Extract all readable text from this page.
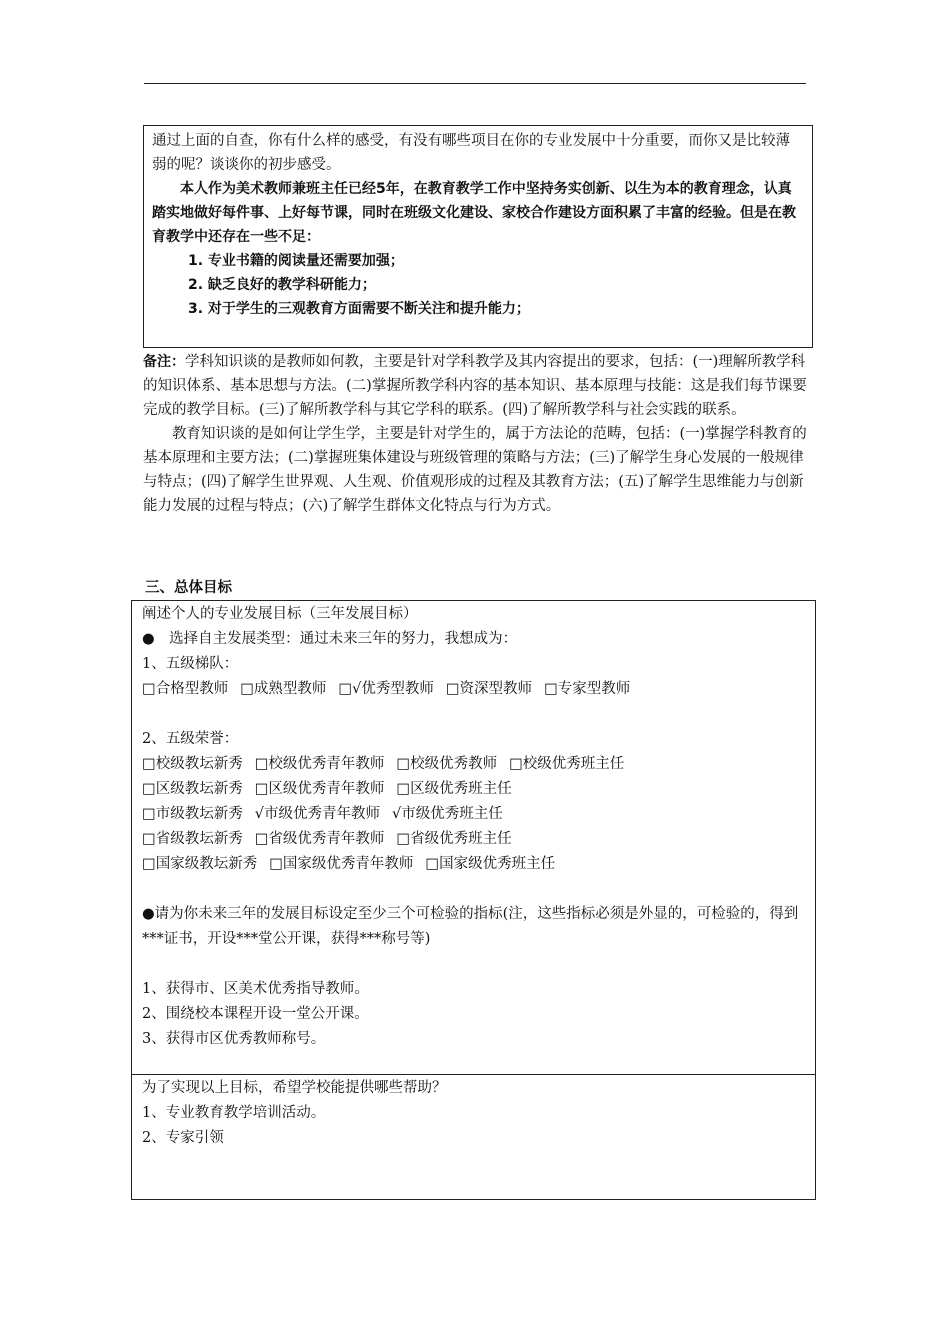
通过上面的自查，你有什么样的感受，有没有哪些项目在你的专业发展中十分重要，而你又是比较薄弱的呢？谈谈你的初步感受。

本人作为美术教师兼班主任已经5年，在教育教学工作中坚持务实创新、以生为本的教育理念，认真踏实地做好每件事、上好每节课，同时在班级文化建设、家校合作建设方面积累了丰富的经验。但是在教育教学中还存在一些不足：

1. 专业书籍的阅读量还需要加强；

2. 缺乏良好的教学科研能力；

3. 对于学生的三观教育方面需要不断关注和提升能力；

备注：学科知识谈的是教师如何教，主要是针对学科教学及其内容提出的要求，包括：(一)理解所教学科的知识体系、基本思想与方法。(二)掌握所教学科内容的基本知识、基本原理与技能：这是我们每节课要完成的教学目标。(三)了解所教学科与其它学科的联系。(四)了解所教学科与社会实践的联系。

教育知识谈的是如何让学生学，主要是针对学生的，属于方法论的范畴，包括：(一)掌握学科教育的基本原理和主要方法；(二)掌握班集体建设与班级管理的策略与方法；(三)了解学生身心发展的一般规律与特点；(四)了解学生世界观、人生观、价值观形成的过程及其教育方法；(五)了解学生思维能力与创新能力发展的过程与特点；(六)了解学生群体文化特点与行为方式。

三、总体目标

阐述个人的专业发展目标（三年发展目标）

●　选择自主发展类型：通过未来三年的努力，我想成为：

1、五级梯队：

□合格型教师 □成熟型教师 □√优秀型教师 □资深型教师 □专家型教师

2、五级荣誉：

□校级教坛新秀 □校级优秀青年教师 □校级优秀教师 □校级优秀班主任

□区级教坛新秀 □区级优秀青年教师 □区级优秀班主任

□市级教坛新秀 √市级优秀青年教师 √市级优秀班主任

□省级教坛新秀 □省级优秀青年教师 □省级优秀班主任

□国家级教坛新秀 □国家级优秀青年教师 □国家级优秀班主任

●请为你未来三年的发展目标设定至少三个可检验的指标(注，这些指标必须是外显的，可检验的，得到***证书，开设***堂公开课，获得***称号等)

1、获得市、区美术优秀指导教师。

2、围绕校本课程开设一堂公开课。

3、获得市区优秀教师称号。

为了实现以上目标，希望学校能提供哪些帮助？

1、专业教育教学培训活动。

2、专家引领
